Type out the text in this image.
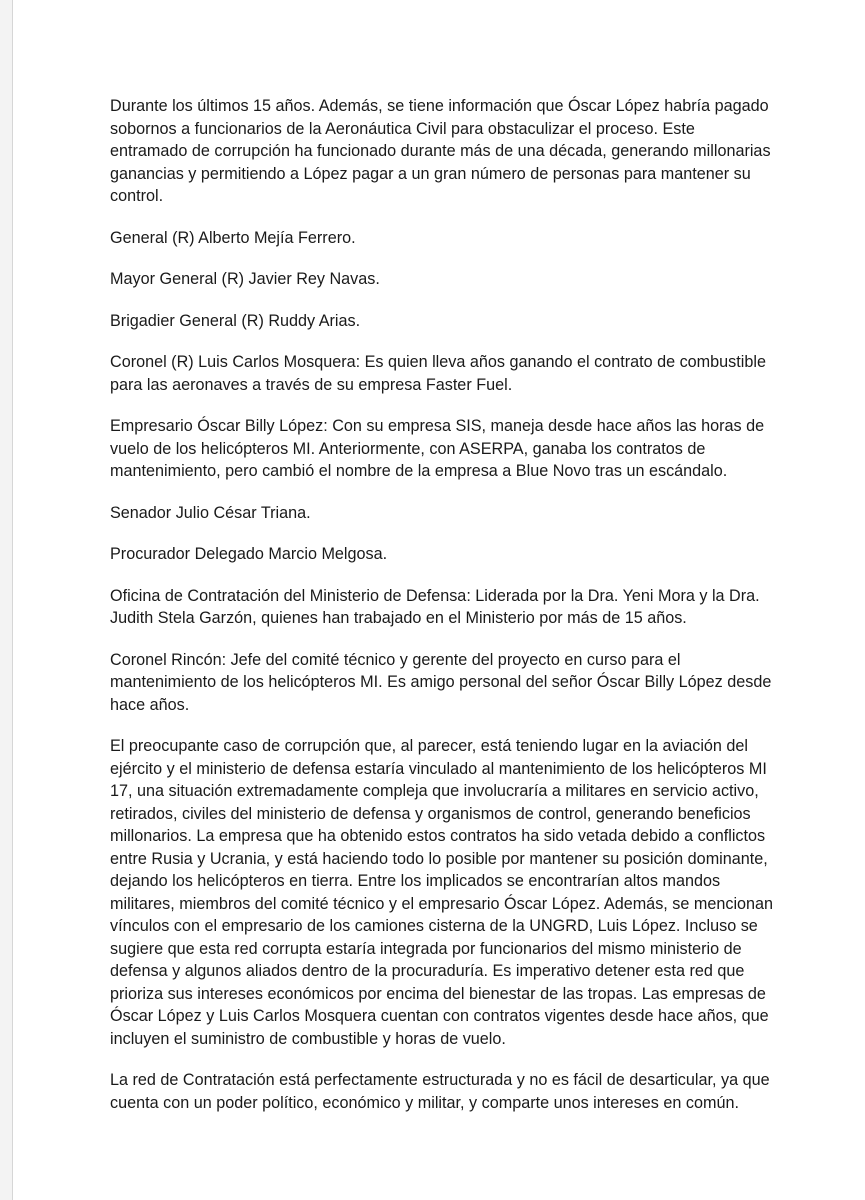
Durante los últimos 15 años. Además, se tiene información que Óscar López habría pagado
sobornos a funcionarios de la Aeronáutica Civil para obstaculizar el proceso. Este
entramado de corrupción ha funcionado durante más de una década, generando millonarias
ganancias y permitiendo a López pagar a un gran número de personas para mantener su
control.

General (R) Alberto Mejía Ferrero.

Mayor General (R) Javier Rey Navas.

Brigadier General (R) Ruddy Arias.

Coronel (R) Luis Carlos Mosquera: Es quien lleva años ganando el contrato de combustible
para las aeronaves a través de su empresa Faster Fuel.

Empresario Óscar Billy López: Con su empresa SIS, maneja desde hace años las horas de
vuelo de los helicópteros MI. Anteriormente, con ASERPA, ganaba los contratos de
mantenimiento, pero cambió el nombre de la empresa a Blue Novo tras un escándalo.

Senador Julio César Triana.

Procurador Delegado Marcio Melgosa.

Oficina de Contratación del Ministerio de Defensa: Liderada por la Dra. Yeni Mora y la Dra.
Judith Stela Garzón, quienes han trabajado en el Ministerio por más de 15 años.

Coronel Rincón: Jefe del comité técnico y gerente del proyecto en curso para el
mantenimiento de los helicópteros MI. Es amigo personal del señor Óscar Billy López desde
hace años.

El preocupante caso de corrupción que, al parecer, está teniendo lugar en la aviación del
ejército y el ministerio de defensa estaría vinculado al mantenimiento de los helicópteros MI
17, una situación extremadamente compleja que involucraría a militares en servicio activo,
retirados, civiles del ministerio de defensa y organismos de control, generando beneficios
millonarios. La empresa que ha obtenido estos contratos ha sido vetada debido a conflictos
entre Rusia y Ucrania, y está haciendo todo lo posible por mantener su posición dominante,
dejando los helicópteros en tierra. Entre los implicados se encontrarían altos mandos
militares, miembros del comité técnico y el empresario Óscar López. Además, se mencionan
vínculos con el empresario de los camiones cisterna de la UNGRD, Luis López. Incluso se
sugiere que esta red corrupta estaría integrada por funcionarios del mismo ministerio de
defensa y algunos aliados dentro de la procuraduría. Es imperativo detener esta red que
prioriza sus intereses económicos por encima del bienestar de las tropas. Las empresas de
Óscar López y Luis Carlos Mosquera cuentan con contratos vigentes desde hace años, que
incluyen el suministro de combustible y horas de vuelo.

La red de Contratación está perfectamente estructurada y no es fácil de desarticular, ya que
cuenta con un poder político, económico y militar, y comparte unos intereses en común.
